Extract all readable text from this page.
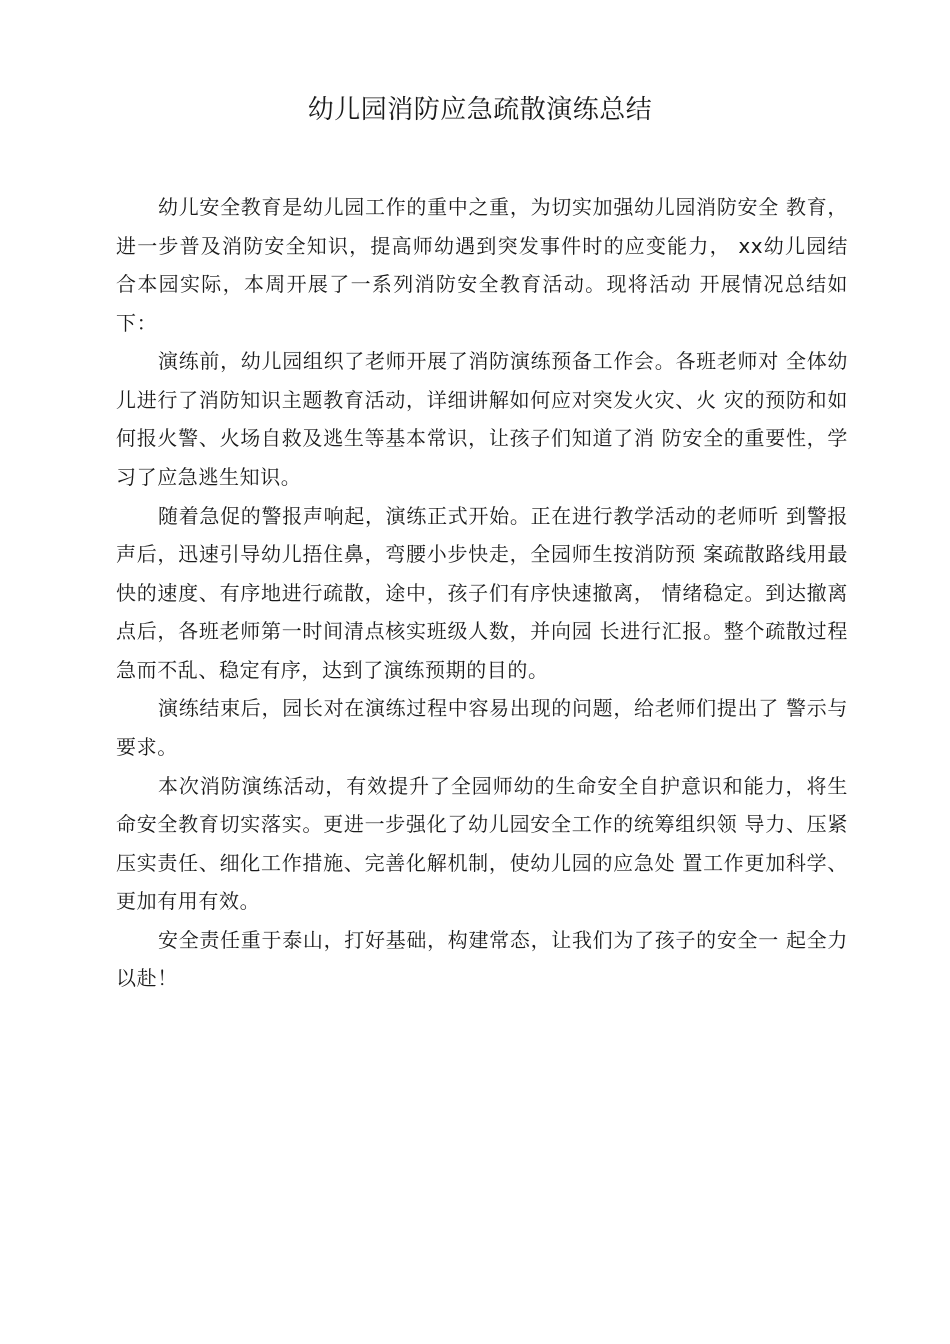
幼儿园消防应急疏散演练总结

幼儿安全教育是幼儿园工作的重中之重，为切实加强幼儿园消防安全 教育，进一步普及消防安全知识，提高师幼遇到突发事件时的应变能力， xx幼儿园结合本园实际，本周开展了一系列消防安全教育活动。现将活动 开展情况总结如下：

演练前，幼儿园组织了老师开展了消防演练预备工作会。各班老师对 全体幼儿进行了消防知识主题教育活动，详细讲解如何应对突发火灾、火 灾的预防和如何报火警、火场自救及逃生等基本常识，让孩子们知道了消 防安全的重要性，学习了应急逃生知识。

随着急促的警报声响起，演练正式开始。正在进行教学活动的老师听 到警报声后，迅速引导幼儿捂住鼻，弯腰小步快走，全园师生按消防预 案疏散路线用最快的速度、有序地进行疏散，途中，孩子们有序快速撤离， 情绪稳定。到达撤离点后，各班老师第一时间清点核实班级人数，并向园 长进行汇报。整个疏散过程急而不乱、稳定有序，达到了演练预期的目的。

演练结束后，园长对在演练过程中容易出现的问题，给老师们提出了 警示与要求。

本次消防演练活动，有效提升了全园师幼的生命安全自护意识和能力，将生命安全教育切实落实。更进一步强化了幼儿园安全工作的统筹组织领 导力、压紧压实责任、细化工作措施、完善化解机制，使幼儿园的应急处 置工作更加科学、更加有用有效。

安全责任重于泰山，打好基础，构建常态，让我们为了孩子的安全一 起全力以赴！
